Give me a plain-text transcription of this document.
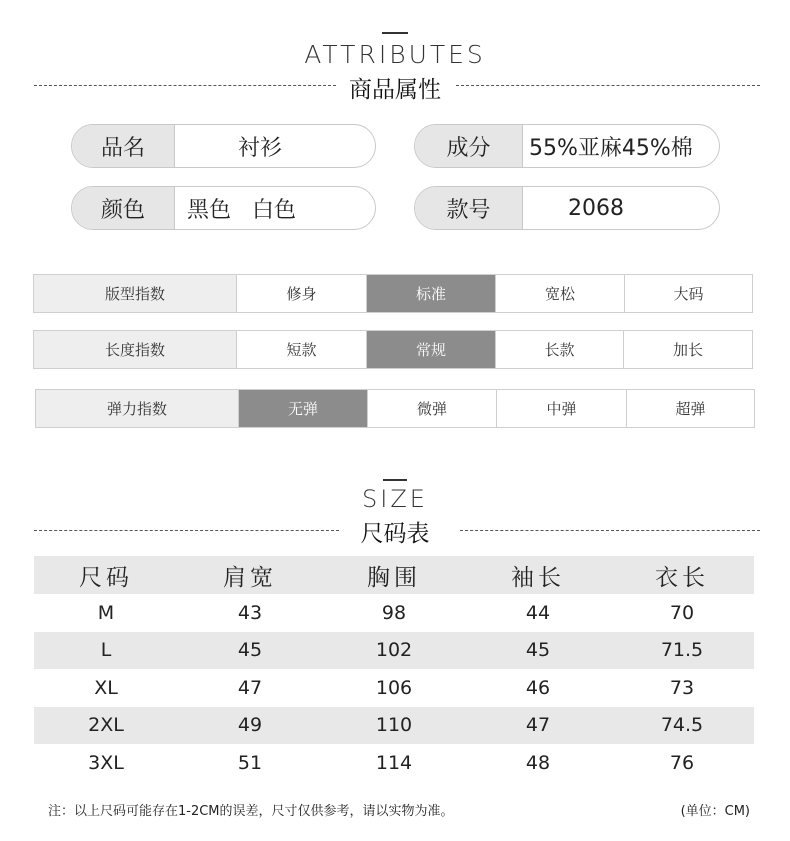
ATTRIBUTES
商品属性
品名	衬衫	成分	55%亚麻45%棉
颜色	黑色   白色	款号	2068
版型指数	修身	标准	宽松	大码
长度指数	短款	常规	长款	加长
弹力指数	无弹	微弹	中弹	超弹
SIZE
尺码表
尺码	肩宽	胸围	袖长	衣长
M	43	98	44	70
L	45	102	45	71.5
XL	47	106	46	73
2XL	49	110	47	74.5
3XL	51	114	48	76
注：以上尺码可能存在1-2CM的误差，尺寸仅供参考，请以实物为准。	(单位：CM)
